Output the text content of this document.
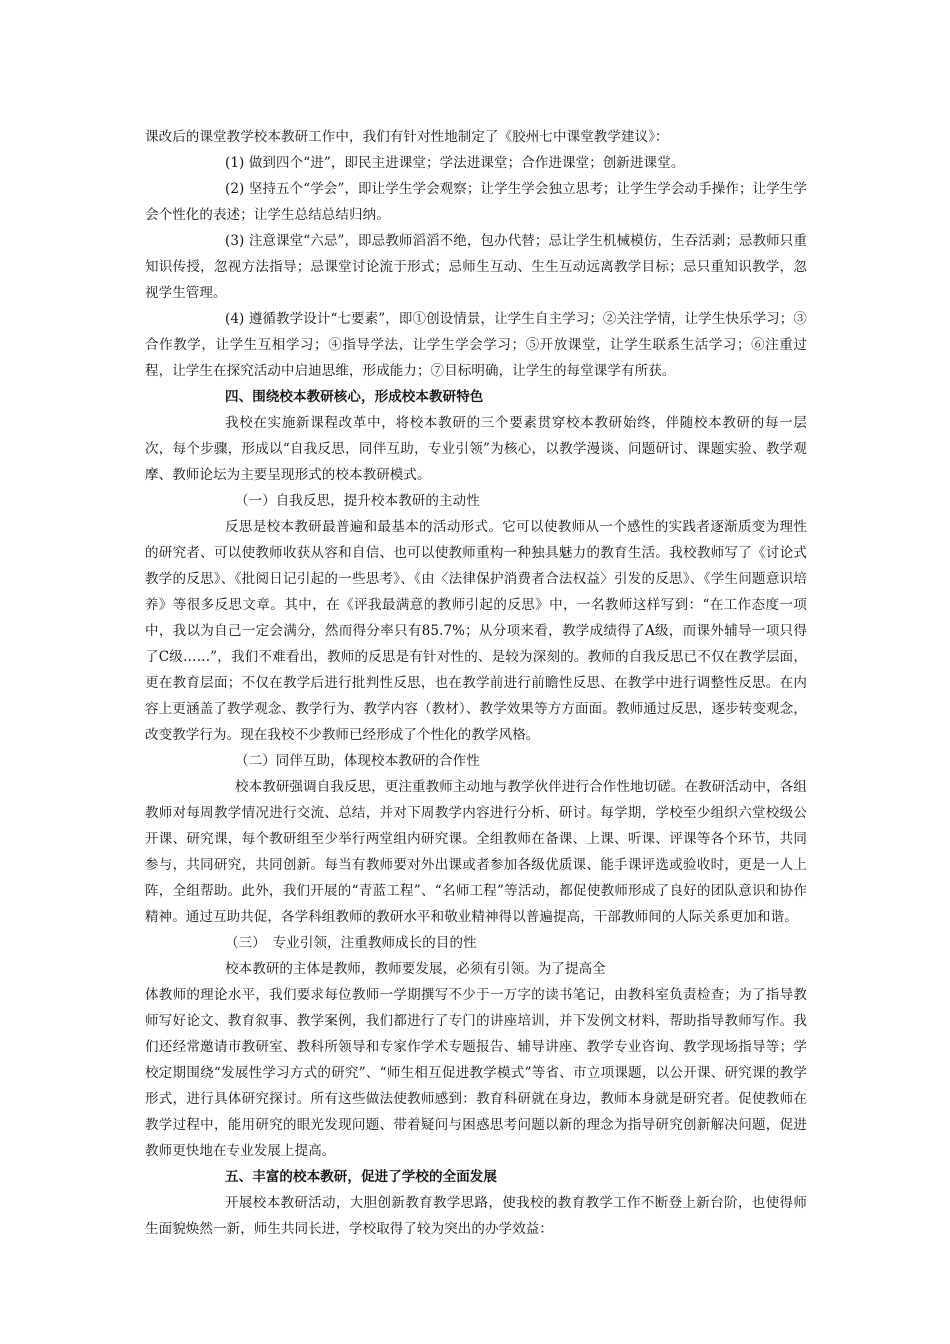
课改后的课堂教学校本教研工作中，我们有针对性地制定了《胶州七中课堂教学建议》：

(1) 做到四个“进”，即民主进课堂；学法进课堂；合作进课堂；创新进课堂。

(2) 坚持五个“学会”，即让学生学会观察；让学生学会独立思考；让学生学会动手操作；让学生学会个性化的表述；让学生总结总结归纳。

(3) 注意课堂“六忌”，即忌教师滔滔不绝，包办代替；忌让学生机械模仿，生吞活剥；忌教师只重知识传授，忽视方法指导；忌课堂讨论流于形式；忌师生互动、生生互动远离教学目标；忌只重知识教学，忽视学生管理。

(4) 遵循教学设计“七要素”，即①创设情景，让学生自主学习；②关注学情，让学生快乐学习；③合作教学，让学生互相学习；④指导学法，让学生学会学习；⑤开放课堂，让学生联系生活学习；⑥注重过程，让学生在探究活动中启迪思维，形成能力；⑦目标明确，让学生的每堂课学有所获。

四、围绕校本教研核心，形成校本教研特色

我校在实施新课程改革中，将校本教研的三个要素贯穿校本教研始终，伴随校本教研的每一层次，每个步骤，形成以“自我反思，同伴互助，专业引领”为核心，以教学漫谈、问题研讨、课题实验、教学观摩、教师论坛为主要呈现形式的校本教研模式。

（一）自我反思，提升校本教研的主动性

反思是校本教研最普遍和最基本的活动形式。它可以使教师从一个感性的实践者逐渐质变为理性的研究者、可以使教师收获从容和自信、也可以使教师重构一种独具魅力的教育生活。我校教师写了《讨论式教学的反思》、《批阅日记引起的一些思考》、《由〈法律保护消费者合法权益〉引发的反思》、《学生问题意识培养》等很多反思文章。其中，在《评我最满意的教师引起的反思》中，一名教师这样写到：“在工作态度一项中，我以为自己一定会满分，然而得分率只有85.7%；从分项来看，教学成绩得了A级，而课外辅导一项只得了C级……”，我们不难看出，教师的反思是有针对性的、是较为深刻的。教师的自我反思已不仅在教学层面，更在教育层面；不仅在教学后进行批判性反思，也在教学前进行前瞻性反思、在教学中进行调整性反思。在内容上更涵盖了教学观念、教学行为、教学内容（教材）、教学效果等方方面面。教师通过反思，逐步转变观念，改变教学行为。现在我校不少教师已经形成了个性化的教学风格。

（二）同伴互助，体现校本教研的合作性

校本教研强调自我反思，更注重教师主动地与教学伙伴进行合作性地切磋。在教研活动中，各组教师对每周教学情况进行交流、总结，并对下周教学内容进行分析、研讨。每学期，学校至少组织六堂校级公开课、研究课，每个教研组至少举行两堂组内研究课。全组教师在备课、上课、听课、评课等各个环节，共同参与，共同研究，共同创新。每当有教师要对外出课或者参加各级优质课、能手课评选或验收时，更是一人上阵，全组帮助。此外，我们开展的“青蓝工程”、“名师工程”等活动，都促使教师形成了良好的团队意识和协作精神。通过互助共促，各学科组教师的教研水平和敬业精神得以普遍提高，干部教师间的人际关系更加和谐。

（三）　专业引领，注重教师成长的目的性

校本教研的主体是教师，教师要发展，必须有引领。为了提高全

体教师的理论水平，我们要求每位教师一学期撰写不少于一万字的读书笔记，由教科室负责检查；为了指导教师写好论文、教育叙事、教学案例，我们都进行了专门的讲座培训，并下发例文材料，帮助指导教师写作。我们还经常邀请市教研室、教科所领导和专家作学术专题报告、辅导讲座、教学专业咨询、教学现场指导等；学校定期围绕“发展性学习方式的研究”、“师生相互促进教学模式”等省、市立项课题，以公开课、研究课的教学形式，进行具体研究探讨。所有这些做法使教师感到：教育科研就在身边，教师本身就是研究者。促使教师在教学过程中，能用研究的眼光发现问题、带着疑问与困惑思考问题以新的理念为指导研究创新解决问题，促进教师更快地在专业发展上提高。

五、丰富的校本教研，促进了学校的全面发展

开展校本教研活动，大胆创新教育教学思路，使我校的教育教学工作不断登上新台阶，也使得师生面貌焕然一新，师生共同长进，学校取得了较为突出的办学效益：
